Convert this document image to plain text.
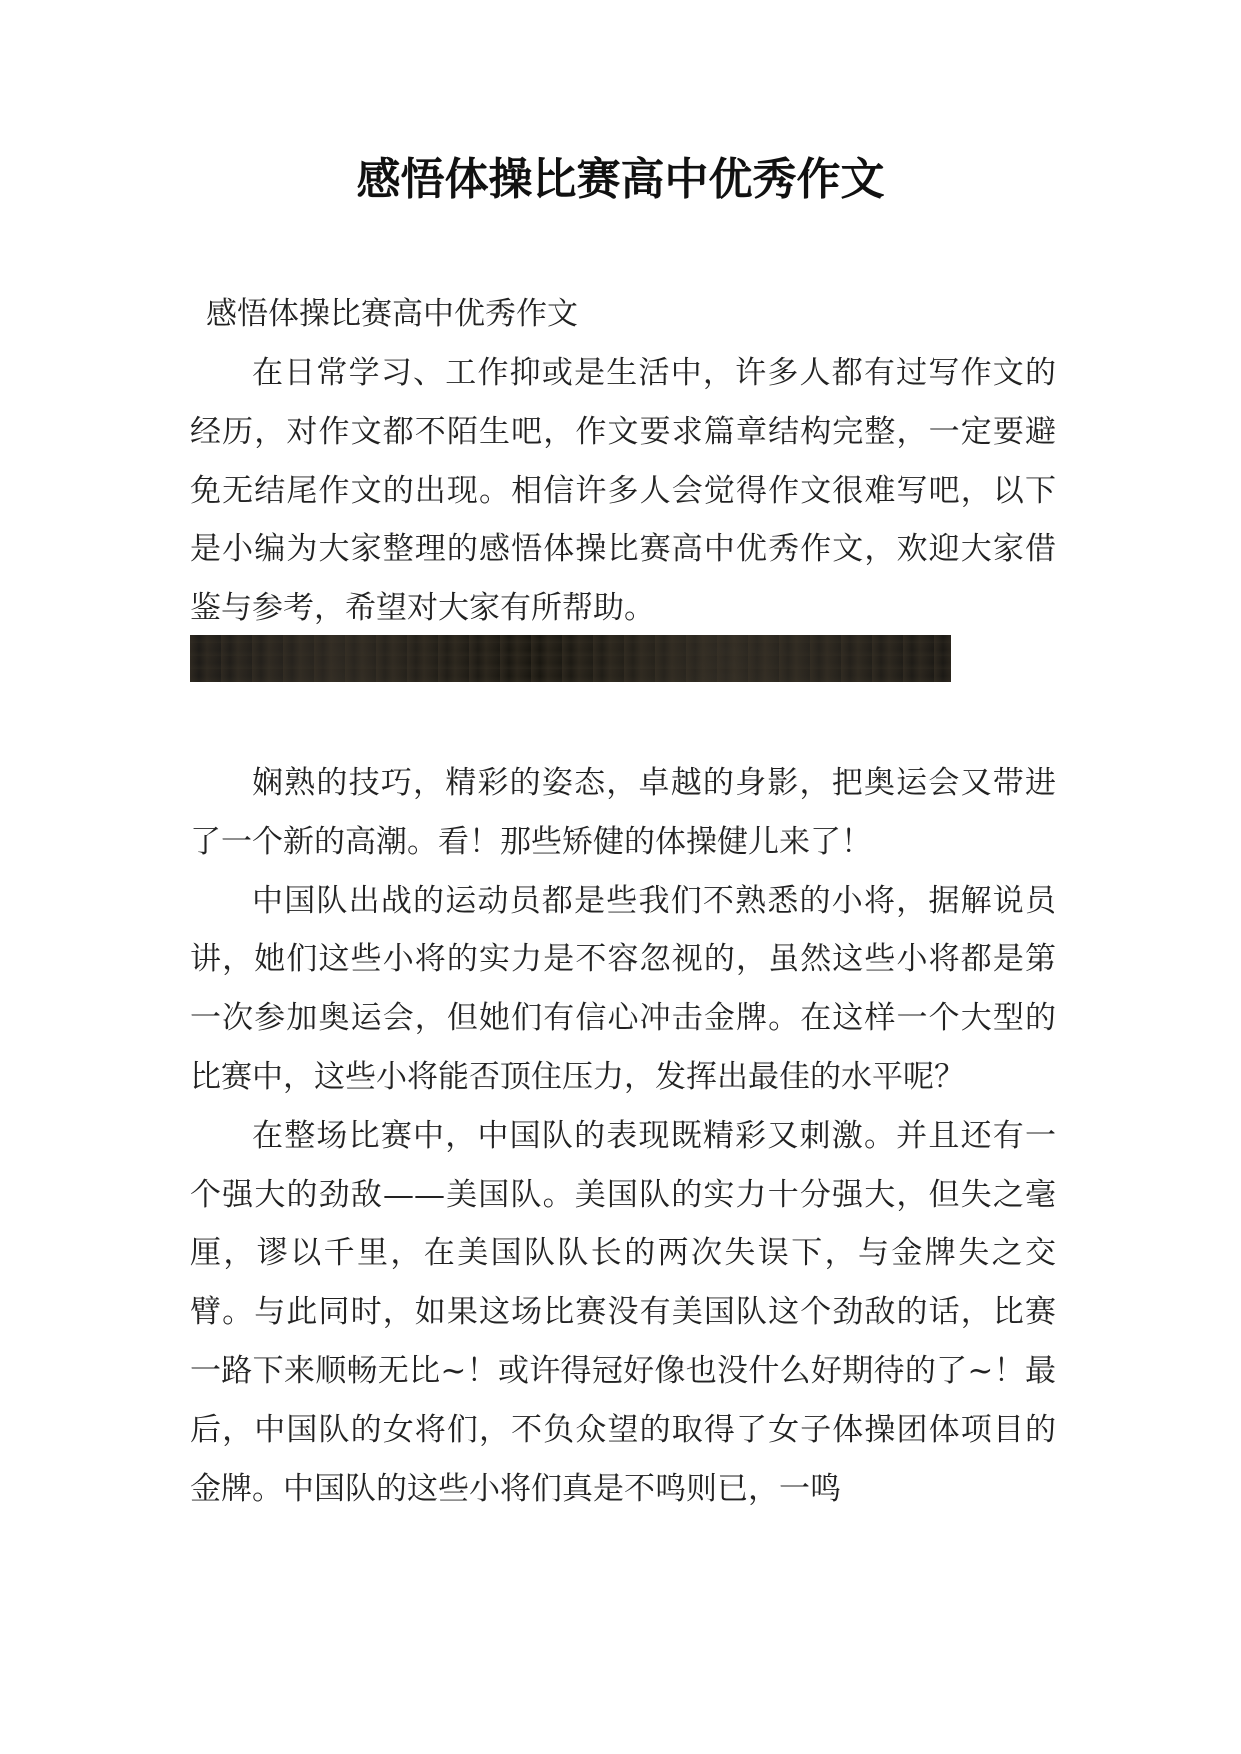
感悟体操比赛高中优秀作文
感悟体操比赛高中优秀作文

在日常学习、工作抑或是生活中，许多人都有过写作文的经历，对作文都不陌生吧，作文要求篇章结构完整，一定要避免无结尾作文的出现。相信许多人会觉得作文很难写吧，以下是小编为大家整理的感悟体操比赛高中优秀作文，欢迎大家借鉴与参考，希望对大家有所帮助。

娴熟的技巧，精彩的姿态，卓越的身影，把奥运会又带进了一个新的高潮。看！那些矫健的体操健儿来了！

中国队出战的运动员都是些我们不熟悉的小将，据解说员讲，她们这些小将的实力是不容忽视的，虽然这些小将都是第一次参加奥运会，但她们有信心冲击金牌。在这样一个大型的比赛中，这些小将能否顶住压力，发挥出最佳的水平呢？

在整场比赛中，中国队的表现既精彩又刺激。并且还有一个强大的劲敌——美国队。美国队的实力十分强大，但失之毫厘，谬以千里，在美国队队长的两次失误下，与金牌失之交臂。与此同时，如果这场比赛没有美国队这个劲敌的话，比赛一路下来顺畅无比~！或许得冠好像也没什么好期待的了~！最后，中国队的女将们，不负众望的取得了女子体操团体项目的金牌。中国队的这些小将们真是不鸣则已，一鸣
